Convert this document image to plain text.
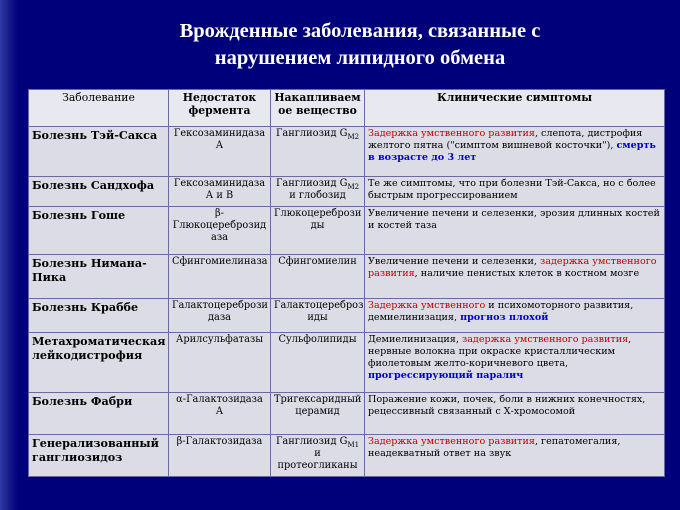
Врожденные заболевания, связанные с
нарушением липидного обмена
Заболевание	Недостаток фермента	Накапливаем ое вещество	Клинические симптомы
Болезнь Тэй-Сакса	Гексозаминидаза А	Ганглиозид $G_{M2}$	Задержка умственного развития, слепота, дистрофия желтого пятна ("симптом вишневой косточки"), смерть в возрасте до 3 лет
Болезнь Сандхофа	Гексозаминидаза А и В	Ганглиозид $G_{M2}$ и глобозид	Те же симптомы, что при болезни Тэй-Сакса, но с более быстрым прогрессированием
Болезнь Гоше	β-Глюкоцереброзид аза	Глюкоцеребрози ды	Увеличение печени и селезенки, эрозия длинных костей и костей таза
Болезнь Нимана-Пика	Сфингомиелиназа	Сфингомиелин	Увеличение печени и селезенки, задержка умственного развития, наличие пенистых клеток в костном мозге
Болезнь Краббе	Галактоцеребрози даза	Галактоцереброз иды	Задержка умственного и психомоторного развития, демиелинизация, прогноз плохой
Метахроматическая лейкодистрофия	Арилсульфатазы	Сульфолипиды	Демиелинизация, задержка умственного развития, нервные волокна при окраске кристаллическим фиолетовым желто-коричневого цвета, прогрессирующий паралич
Болезнь Фабри	α-Галактозидаза А	Тригексаридный церамид	Поражение кожи, почек, боли в нижних конечностях, рецессивный связанный с Х-хромосомой
Генерализованный ганглиозидоз	β-Галактозидаза	Ганглиозид $G_{M1}$ и протеогликаны	Задержка умственного развития, гепатомегалия, неадекватный ответ на звук
